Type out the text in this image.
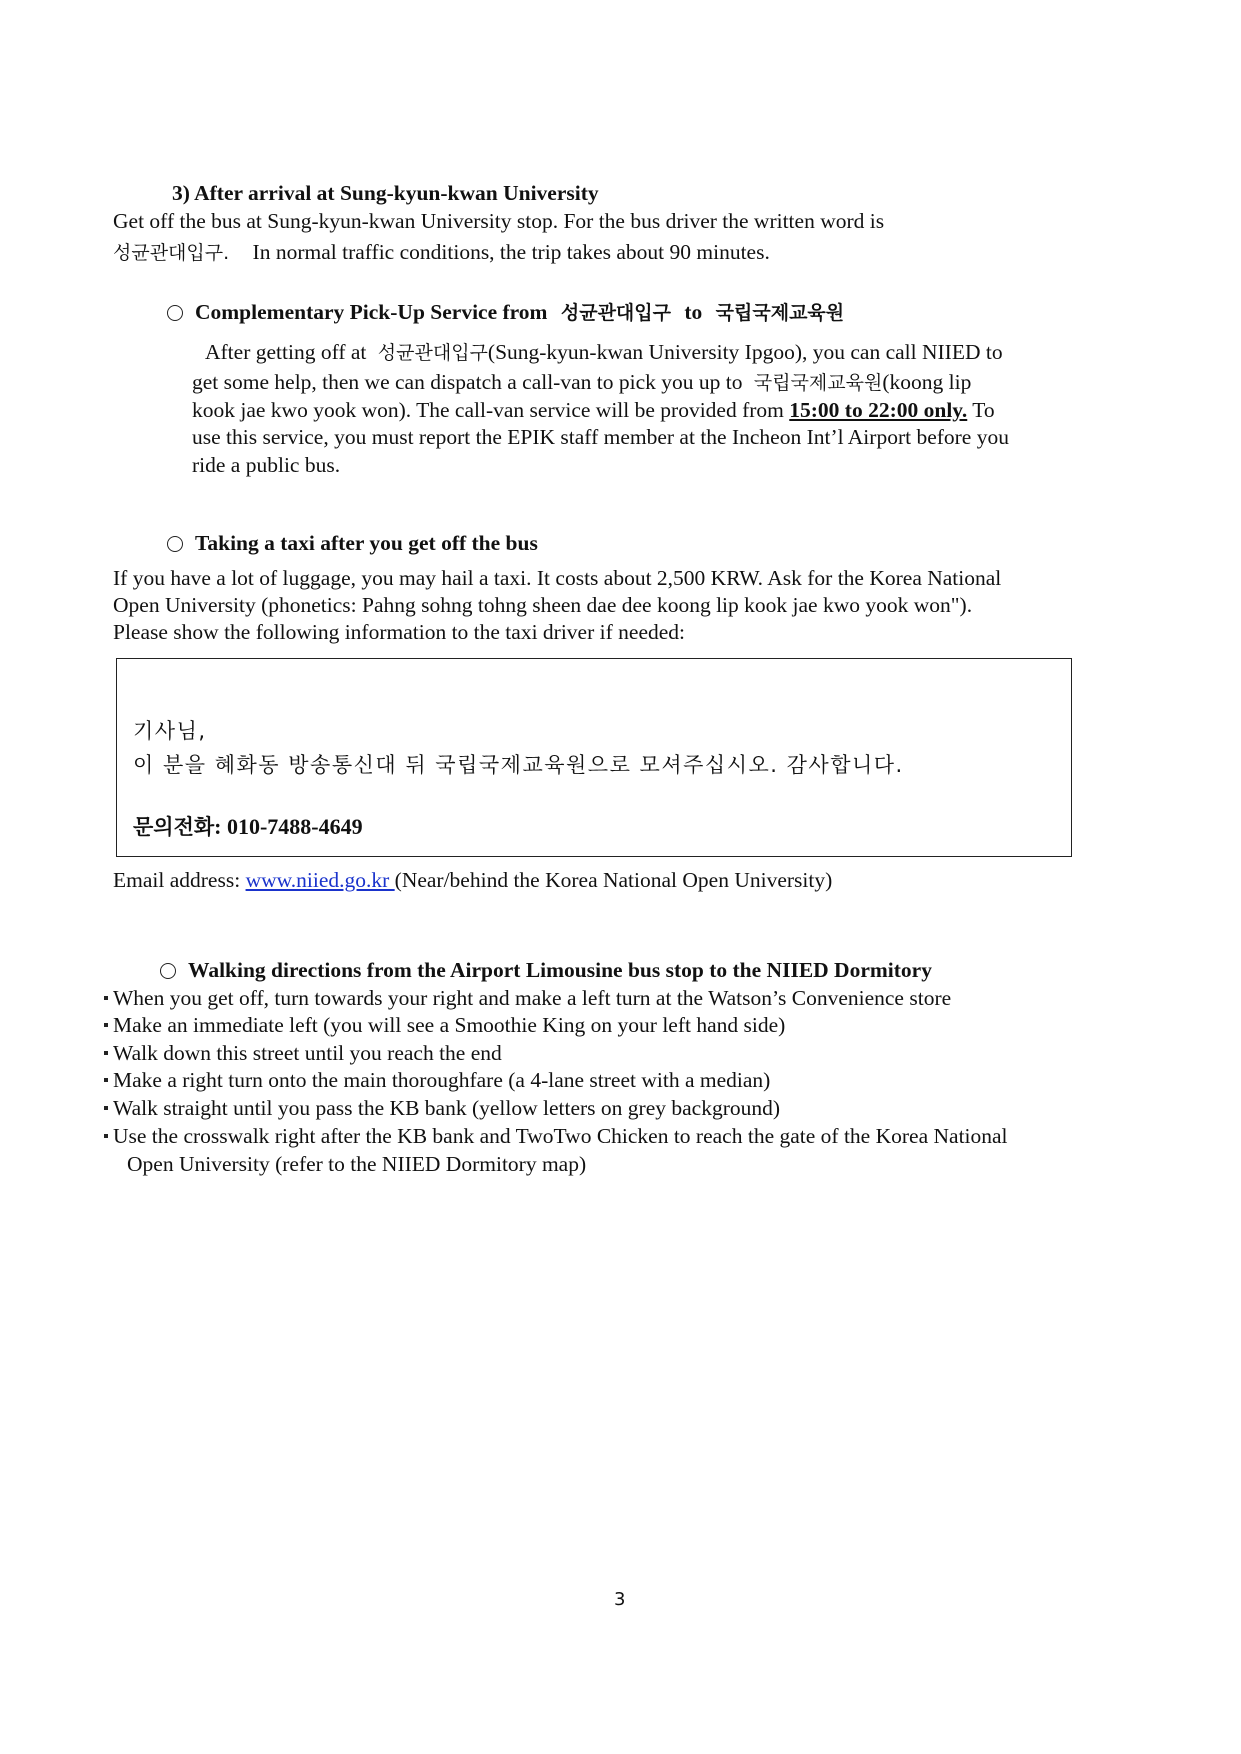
3) After arrival at Sung-kyun-kwan University
Get off the bus at Sung-kyun-kwan University stop. For the bus driver the written word is
성균관대입구. In normal traffic conditions, the trip takes about 90 minutes.
Complementary Pick-Up Service from 성균관대입구 to 국립국제교육원
After getting off at 성균관대입구(Sung-kyun-kwan University Ipgoo), you can call NIIED to
get some help, then we can dispatch a call-van to pick you up to 국립국제교육원(koong lip
kook jae kwo yook won). The call-van service will be provided from 15:00 to 22:00 only. To
use this service, you must report the EPIK staff member at the Incheon Int’l Airport before you
ride a public bus.
Taking a taxi after you get off the bus
If you have a lot of luggage, you may hail a taxi. It costs about 2,500 KRW. Ask for the Korea National
Open University (phonetics: Pahng sohng tohng sheen dae dee koong lip kook jae kwo yook won").
Please show the following information to the taxi driver if needed:
기사님,
이 분을 혜화동 방송통신대 뒤 국립국제교육원으로 모셔주십시오. 감사합니다.
문의전화: 010-7488-4649
Email address: www.niied.go.kr (Near/behind the Korea National Open University)
Walking directions from the Airport Limousine bus stop to the NIIED Dormitory
When you get off, turn towards your right and make a left turn at the Watson’s Convenience store
Make an immediate left (you will see a Smoothie King on your left hand side)
Walk down this street until you reach the end
Make a right turn onto the main thoroughfare (a 4-lane street with a median)
Walk straight until you pass the KB bank (yellow letters on grey background)
Use the crosswalk right after the KB bank and TwoTwo Chicken to reach the gate of the Korea National
Open University (refer to the NIIED Dormitory map)
3
